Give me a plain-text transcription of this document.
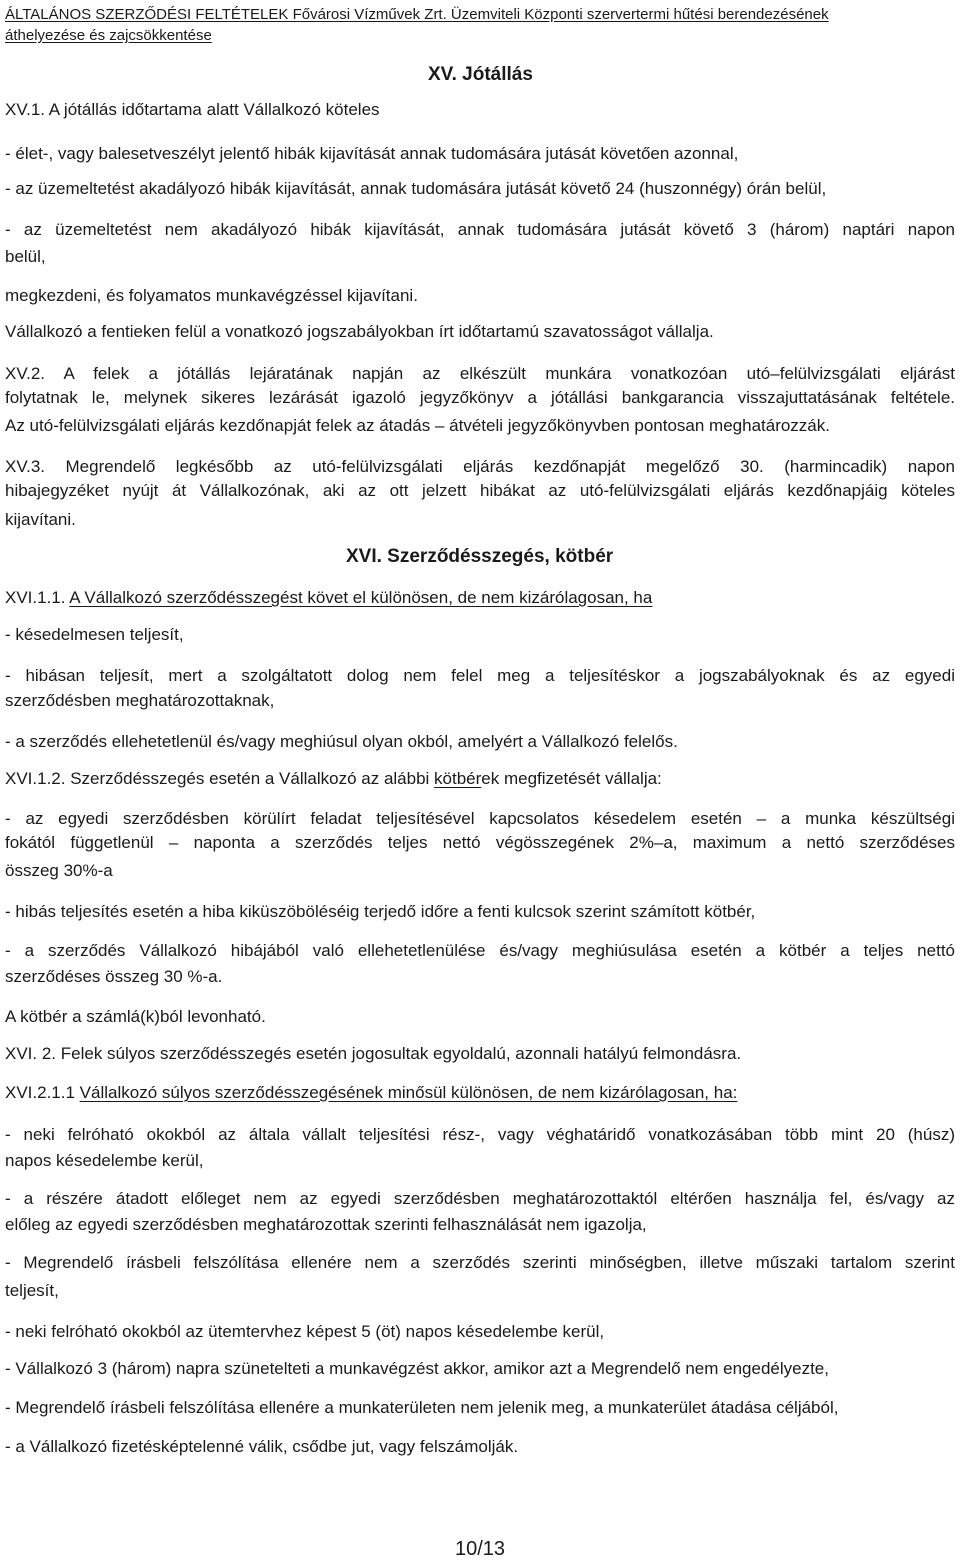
ÁLTALÁNOS SZERZŐDÉSI FELTÉTELEK Fővárosi Vízművek Zrt. Üzemviteli Központi szervertermi hűtési berendezésének
áthelyezése és zajcsökkentése
XV. Jótállás
XV.1. A jótállás időtartama alatt Vállalkozó köteles
- élet-, vagy balesetveszélyt jelentő hibák kijavítását annak tudomására jutását követően azonnal,
- az üzemeltetést akadályozó hibák kijavítását, annak tudomására jutását követő 24 (huszonnégy) órán belül,
- az üzemeltetést nem akadályozó hibák kijavítását, annak tudomására jutását követő 3 (három) naptári napon
belül,
megkezdeni, és folyamatos munkavégzéssel kijavítani.
Vállalkozó a fentieken felül a vonatkozó jogszabályokban írt időtartamú szavatosságot vállalja.
XV.2. A felek a jótállás lejáratának napján az elkészült munkára vonatkozóan utó–felülvizsgálati eljárást
folytatnak le, melynek sikeres lezárását igazoló jegyzőkönyv a jótállási bankgarancia visszajuttatásának feltétele.
Az utó-felülvizsgálati eljárás kezdőnapját felek az átadás – átvételi jegyzőkönyvben pontosan meghatározzák.
XV.3. Megrendelő legkésőbb az utó-felülvizsgálati eljárás kezdőnapját megelőző 30. (harmincadik) napon
hibajegyzéket nyújt át Vállalkozónak, aki az ott jelzett hibákat az utó-felülvizsgálati eljárás kezdőnapjáig köteles
kijavítani.
XVI. Szerződésszegés, kötbér
XVI.1.1. A Vállalkozó szerződésszegést követ el különösen, de nem kizárólagosan, ha
- késedelmesen teljesít,
- hibásan teljesít, mert a szolgáltatott dolog nem felel meg a teljesítéskor a jogszabályoknak és az egyedi
szerződésben meghatározottaknak,
- a szerződés ellehetetlenül és/vagy meghiúsul olyan okból, amelyért a Vállalkozó felelős.
XVI.1.2. Szerződésszegés esetén a Vállalkozó az alábbi kötbérek megfizetését vállalja:
- az egyedi szerződésben körülírt feladat teljesítésével kapcsolatos késedelem esetén – a munka készültségi
fokától függetlenül – naponta a szerződés teljes nettó végösszegének 2%–a, maximum a nettó szerződéses
összeg 30%-a
- hibás teljesítés esetén a hiba kiküszöböléséig terjedő időre a fenti kulcsok szerint számított kötbér,
- a szerződés Vállalkozó hibájából való ellehetetlenülése és/vagy meghiúsulása esetén a kötbér a teljes nettó
szerződéses összeg 30 %-a.
A kötbér a számlá(k)ból levonható.
XVI. 2. Felek súlyos szerződésszegés esetén jogosultak egyoldalú, azonnali hatályú felmondásra.
XVI.2.1.1 Vállalkozó súlyos szerződésszegésének minősül különösen, de nem kizárólagosan, ha:
- neki felróható okokból az általa vállalt teljesítési rész-, vagy véghatáridő vonatkozásában több mint 20 (húsz)
napos késedelembe kerül,
- a részére átadott előleget nem az egyedi szerződésben meghatározottaktól eltérően használja fel, és/vagy az
előleg az egyedi szerződésben meghatározottak szerinti felhasználását nem igazolja,
- Megrendelő írásbeli felszólítása ellenére nem a szerződés szerinti minőségben, illetve műszaki tartalom szerint
teljesít,
- neki felróható okokból az ütemtervhez képest 5 (öt) napos késedelembe kerül,
- Vállalkozó 3 (három) napra szünetelteti a munkavégzést akkor, amikor azt a Megrendelő nem engedélyezte,
- Megrendelő írásbeli felszólítása ellenére a munkaterületen nem jelenik meg, a munkaterület átadása céljából,
- a Vállalkozó fizetésképtelenné válik, csődbe jut, vagy felszámolják.
10/13
